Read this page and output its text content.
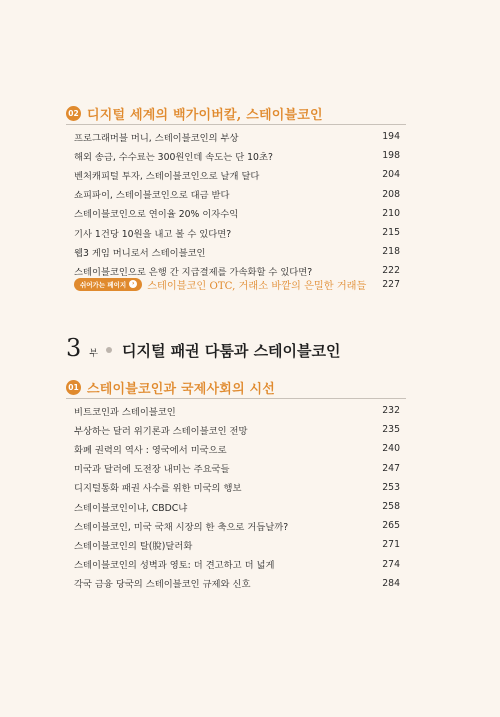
02 디지털 세계의 백가이버칼, 스테이블코인
프로그래머블 머니, 스테이블코인의 부상	194
해외 송금, 수수료는 300원인데 속도는 단 10초?	198
벤처캐피털 투자, 스테이블코인으로 날개 달다	204
쇼피파이, 스테이블코인으로 대금 받다	208
스테이블코인으로 연이율 20% 이자수익	210
기사 1건당 10원을 내고 볼 수 있다면?	215
웹3 게임 머니로서 스테이블코인	218
스테이블코인으로 은행 간 지급결제를 가속화할 수 있다면?	222
쉬어가는 페이지 › 스테이블코인 OTC, 거래소 바깥의 은밀한 거래들	227
3 부 디지털 패권 다툼과 스테이블코인
01 스테이블코인과 국제사회의 시선
비트코인과 스테이블코인	232
부상하는 달러 위기론과 스테이블코인 전망	235
화폐 권력의 역사 : 영국에서 미국으로	240
미국과 달러에 도전장 내미는 주요국들	247
디지털통화 패권 사수를 위한 미국의 행보	253
스테이블코인이냐, CBDC냐	258
스테이블코인, 미국 국채 시장의 한 축으로 거듭날까?	265
스테이블코인의 탈(脫)달러화	271
스테이블코인의 성벽과 영토: 더 견고하고 더 넓게	274
각국 금융 당국의 스테이블코인 규제와 신호	284
